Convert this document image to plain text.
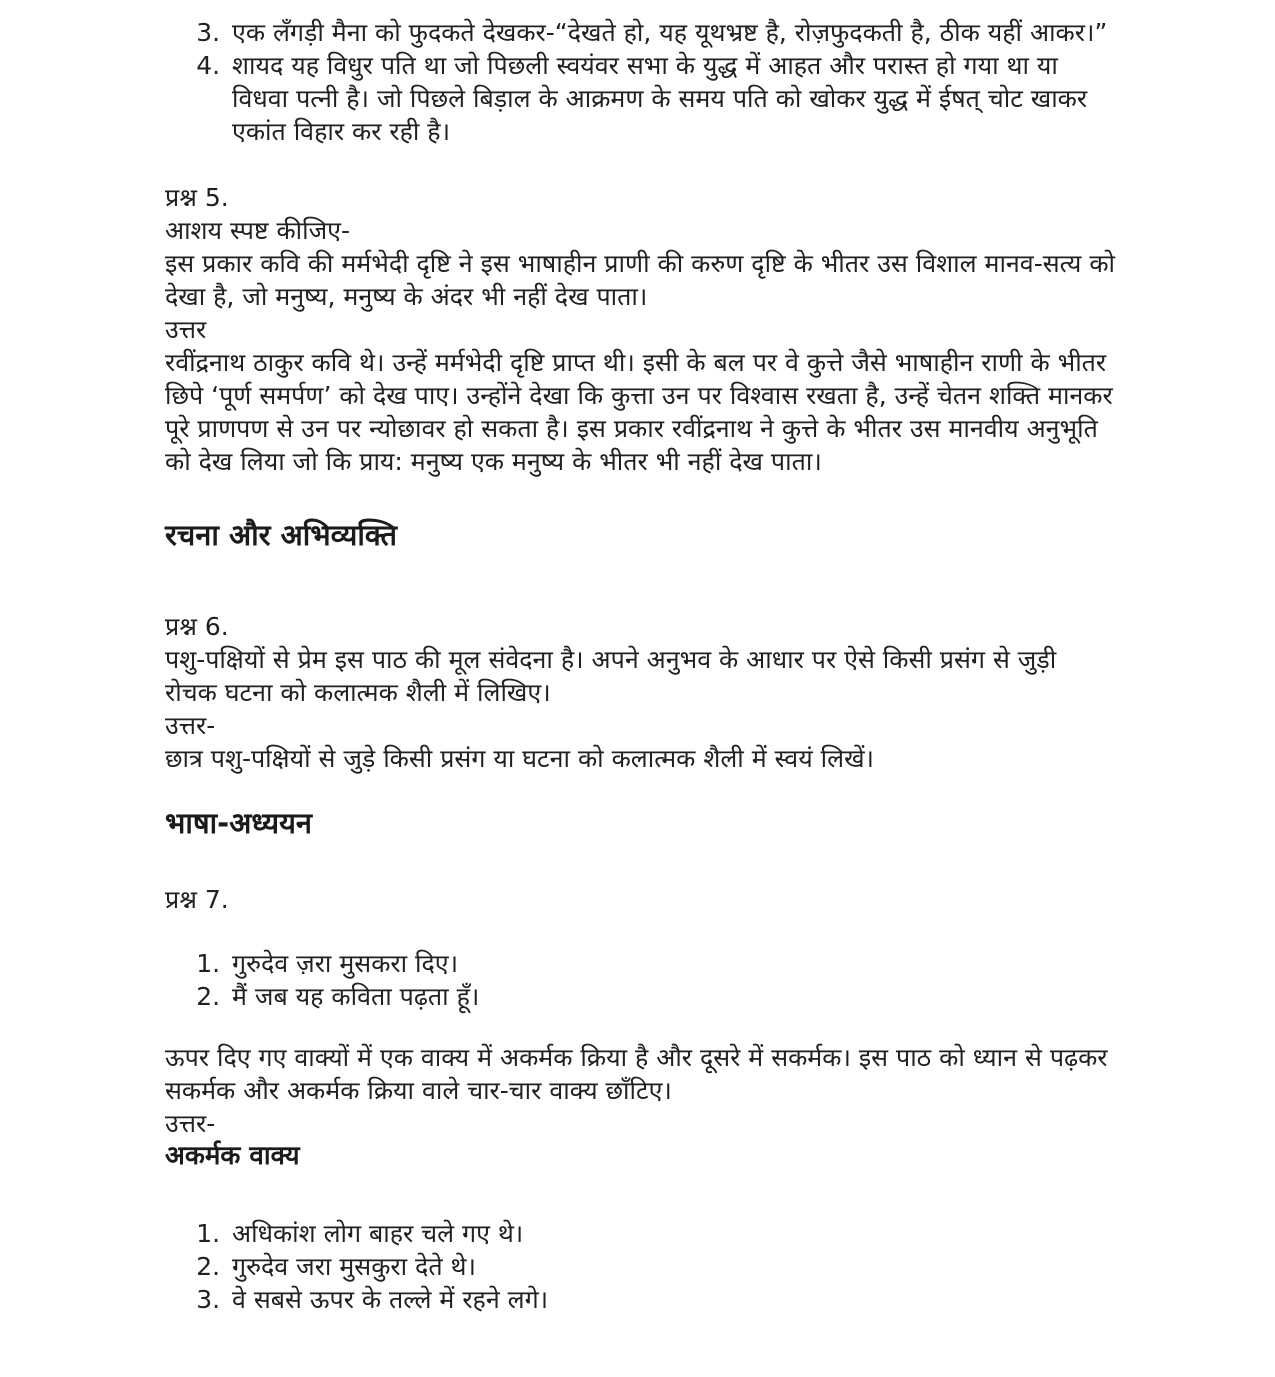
3. एक लँगड़ी मैना को फुदकते देखकर-“देखते हो, यह यूथभ्रष्ट है, रोज़फुदकती है, ठीक यहीं आकर।”
4. शायद यह विधुर पति था जो पिछली स्वयंवर सभा के युद्ध में आहत और परास्त हो गया था या विधवा पत्नी है। जो पिछले बिड़ाल के आक्रमण के समय पति को खोकर युद्ध में ईषत् चोट खाकर एकांत विहार कर रही है।
प्रश्न 5.
आशय स्पष्ट कीजिए-
इस प्रकार कवि की मर्मभेदी दृष्टि ने इस भाषाहीन प्राणी की करुण दृष्टि के भीतर उस विशाल मानव-सत्य को देखा है, जो मनुष्य, मनुष्य के अंदर भी नहीं देख पाता।
उत्तर
रवींद्रनाथ ठाकुर कवि थे। उन्हें मर्मभेदी दृष्टि प्राप्त थी। इसी के बल पर वे कुत्ते जैसे भाषाहीन राणी के भीतर छिपे ‘पूर्ण समर्पण’ को देख पाए। उन्होंने देखा कि कुत्ता उन पर विश्वास रखता है, उन्हें चेतन शक्ति मानकर पूरे प्राणपण से उन पर न्योछावर हो सकता है। इस प्रकार रवींद्रनाथ ने कुत्ते के भीतर उस मानवीय अनुभूति को देख लिया जो कि प्राय: मनुष्य एक मनुष्य के भीतर भी नहीं देख पाता।
रचना और अभिव्यक्ति
प्रश्न 6.
पशु-पक्षियों से प्रेम इस पाठ की मूल संवेदना है। अपने अनुभव के आधार पर ऐसे किसी प्रसंग से जुड़ी रोचक घटना को कलात्मक शैली में लिखिए।
उत्तर-
छात्र पशु-पक्षियों से जुड़े किसी प्रसंग या घटना को कलात्मक शैली में स्वयं लिखें।
भाषा-अध्ययन
प्रश्न 7.
1. गुरुदेव ज़रा मुसकरा दिए।
2. मैं जब यह कविता पढ़ता हूँ।
ऊपर दिए गए वाक्यों में एक वाक्य में अकर्मक क्रिया है और दूसरे में सकर्मक। इस पाठ को ध्यान से पढ़कर सकर्मक और अकर्मक क्रिया वाले चार-चार वाक्य छाँटिए।
उत्तर-
अकर्मक वाक्य
1. अधिकांश लोग बाहर चले गए थे।
2. गुरुदेव जरा मुसकुरा देते थे।
3. वे सबसे ऊपर के तल्ले में रहने लगे।
